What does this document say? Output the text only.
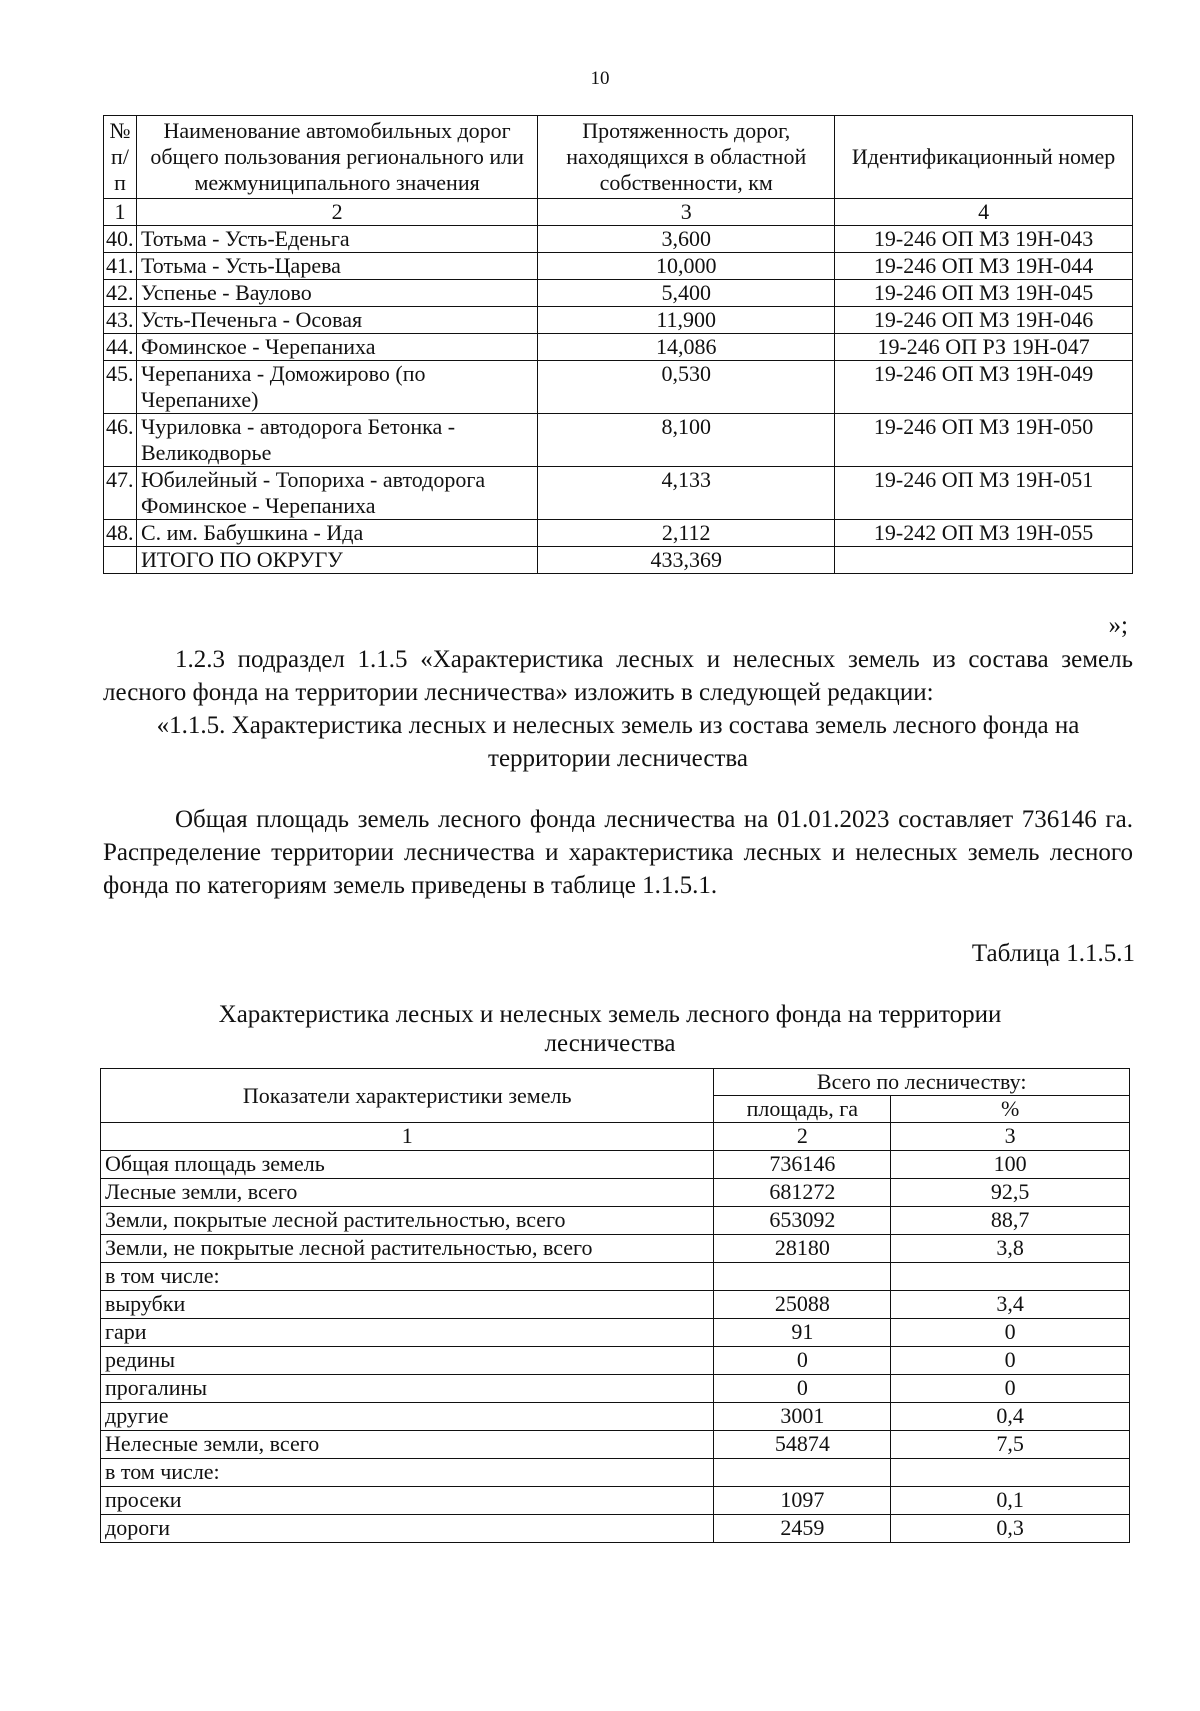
10
№ п/п	Наименование автомобильных дорог общего пользования регионального или межмуниципального значения	Протяженность дорог, находящихся в областной собственности, км	Идентификационный номер
1	2	3	4
40.	Тотьма - Усть-Еденьга	3,600	19-246 ОП МЗ 19Н-043
41.	Тотьма - Усть-Царева	10,000	19-246 ОП МЗ 19Н-044
42.	Успенье - Ваулово	5,400	19-246 ОП МЗ 19Н-045
43.	Усть-Печеньга - Осовая	11,900	19-246 ОП МЗ 19Н-046
44.	Фоминское - Черепаниха	14,086	19-246 ОП РЗ 19Н-047
45.	Черепаниха - Доможирово (по Черепанихе)	0,530	19-246 ОП МЗ 19Н-049
46.	Чуриловка - автодорога Бетонка - Великодворье	8,100	19-246 ОП МЗ 19Н-050
47.	Юбилейный - Топориха - автодорога Фоминское - Черепаниха	4,133	19-246 ОП МЗ 19Н-051
48.	С. им. Бабушкина - Ида	2,112	19-242 ОП МЗ 19Н-055
	ИТОГО ПО ОКРУГУ	433,369	
»;
1.2.3 подраздел 1.1.5 «Характеристика лесных и нелесных земель из состава земель лесного фонда на территории лесничества» изложить в следующей редакции:
«1.1.5. Характеристика лесных и нелесных земель из состава земель лесного фонда на территории лесничества
Общая площадь земель лесного фонда лесничества на 01.01.2023 составляет 736146 га. Распределение территории лесничества и характеристика лесных и нелесных земель лесного фонда по категориям земель приведены в таблице 1.1.5.1.
Таблица 1.1.5.1
Характеристика лесных и нелесных земель лесного фонда на территории лесничества
Показатели характеристики земель	Всего по лесничеству:	
	площадь, га	%
1	2	3
Общая площадь земель	736146	100
Лесные земли, всего	681272	92,5
Земли, покрытые лесной растительностью, всего	653092	88,7
Земли, не покрытые лесной растительностью, всего	28180	3,8
в том числе:		
вырубки	25088	3,4
гари	91	0
редины	0	0
прогалины	0	0
другие	3001	0,4
Нелесные земли, всего	54874	7,5
в том числе:		
просеки	1097	0,1
дороги	2459	0,3
